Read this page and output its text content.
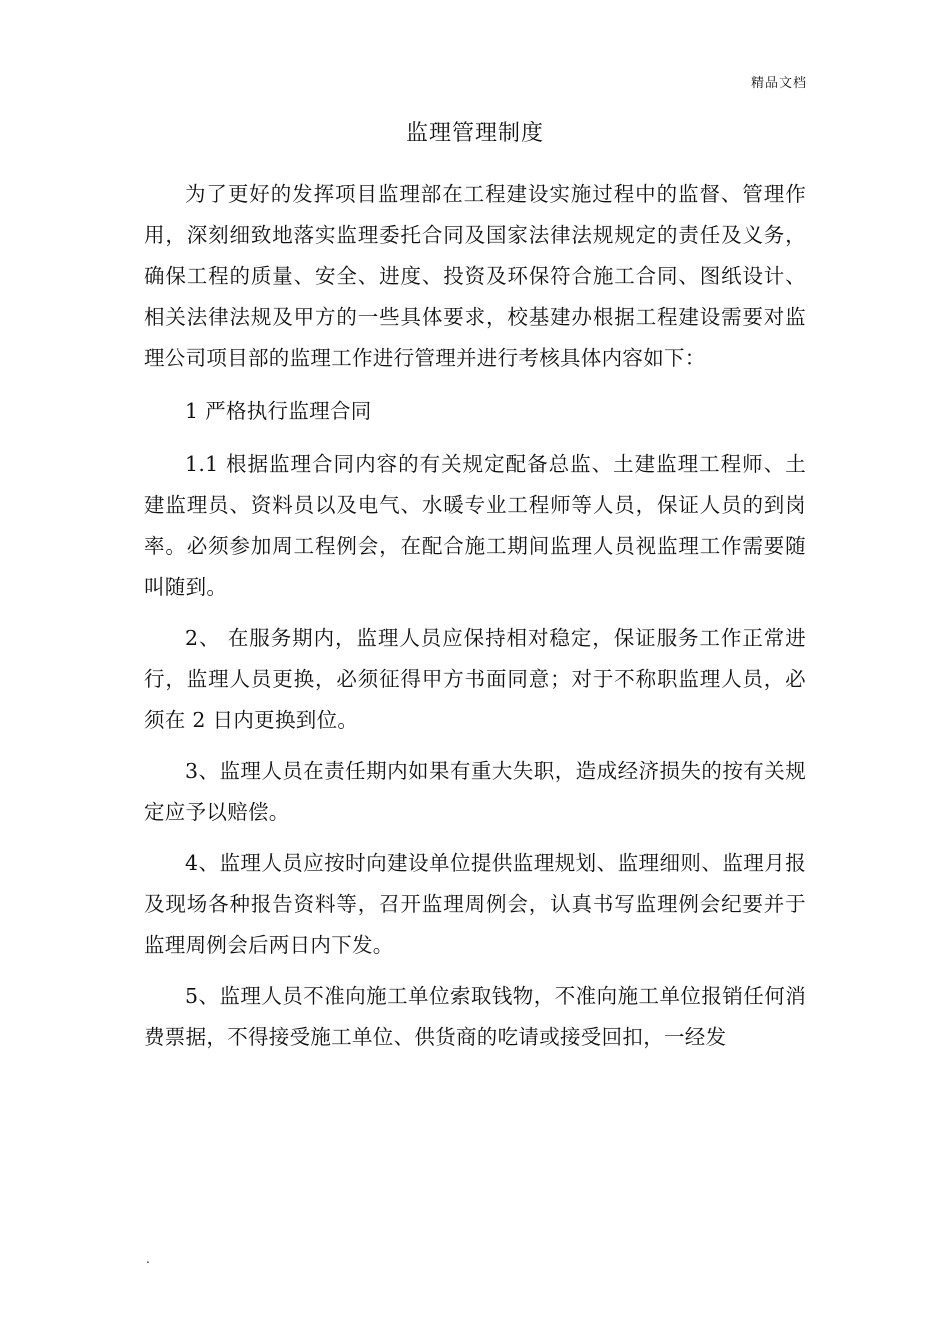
精品文档
监理管理制度

为了更好的发挥项目监理部在工程建设实施过程中的监督、管理作用，深刻细致地落实监理委托合同及国家法律法规规定的责任及义务，确保工程的质量、安全、进度、投资及环保符合施工合同、图纸设计、相关法律法规及甲方的一些具体要求，校基建办根据工程建设需要对监理公司项目部的监理工作进行管理并进行考核具体内容如下：

1 严格执行监理合同

1.1 根据监理合同内容的有关规定配备总监、土建监理工程师、土建监理员、资料员以及电气、水暖专业工程师等人员，保证人员的到岗率。必须参加周工程例会，在配合施工期间监理人员视监理工作需要随叫随到。

2、 在服务期内，监理人员应保持相对稳定，保证服务工作正常进行，监理人员更换，必须征得甲方书面同意；对于不称职监理人员，必须在 2 日内更换到位。

3、监理人员在责任期内如果有重大失职，造成经济损失的按有关规定应予以赔偿。

4、监理人员应按时向建设单位提供监理规划、监理细则、监理月报及现场各种报告资料等，召开监理周例会，认真书写监理例会纪要并于监理周例会后两日内下发。

5、监理人员不准向施工单位索取钱物，不准向施工单位报销任何消费票据，不得接受施工单位、供货商的吃请或接受回扣，一经发

.
